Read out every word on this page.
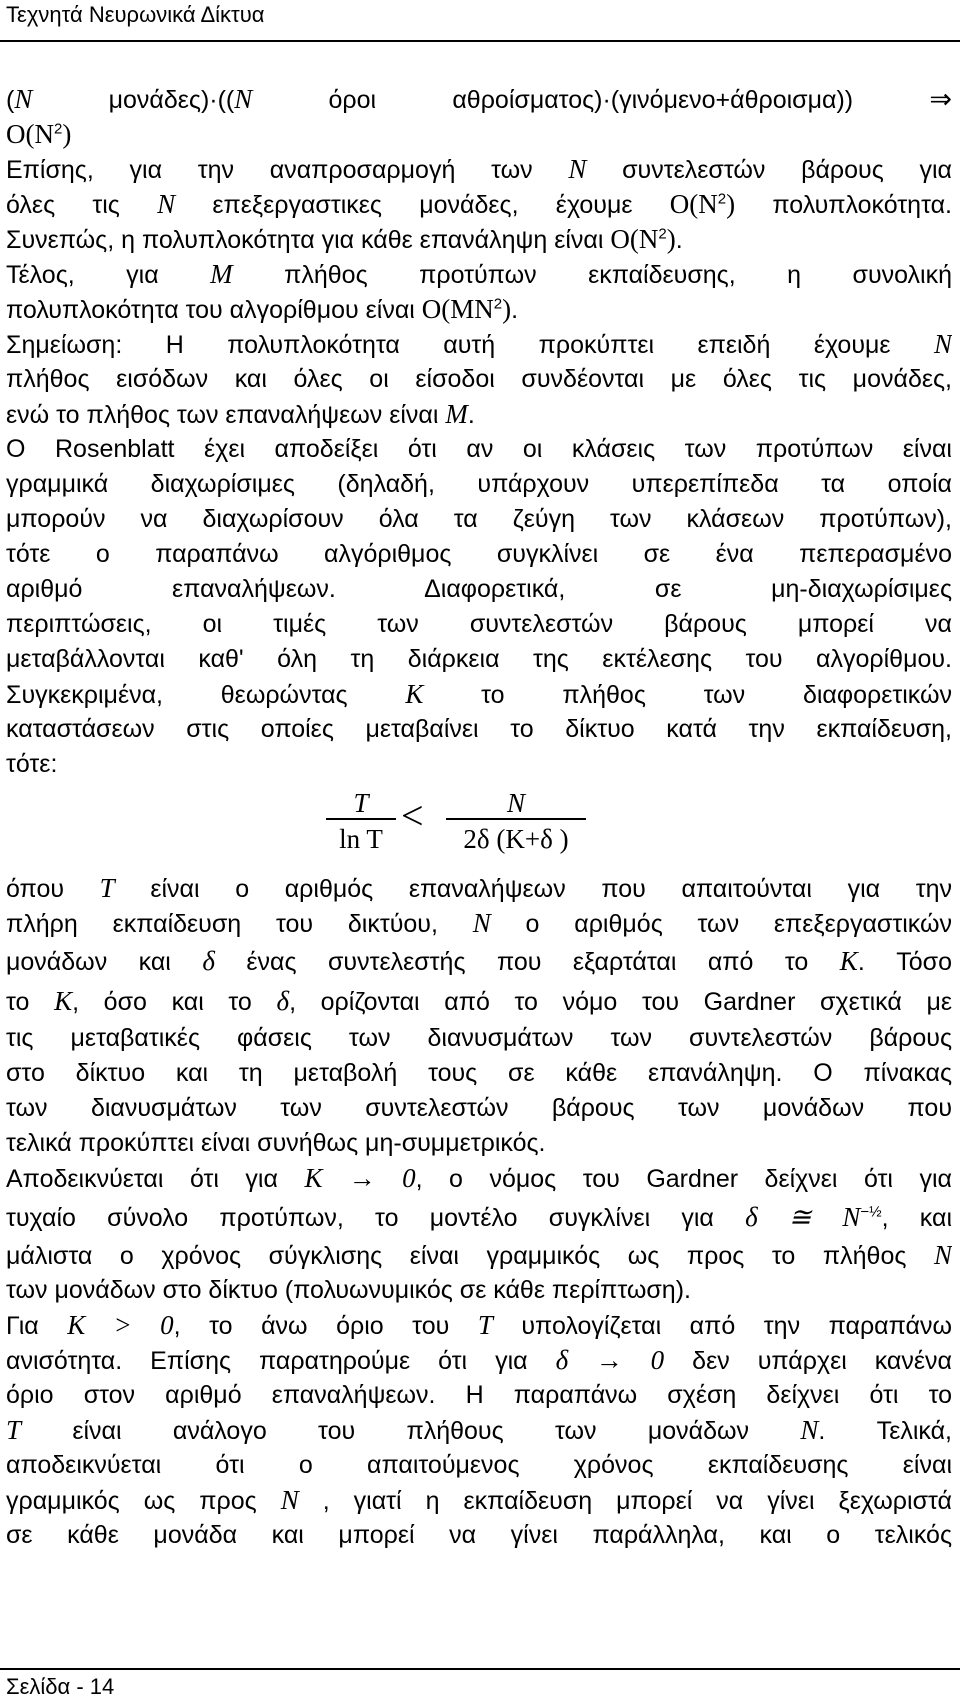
Τεχνητά Νευρωνικά Δίκτυα
(N μονάδες)·((N όροι αθροίσματος)·(γινόμενο+άθροισμα))	⇒
$O(N^2)$
Επίσης, για την αναπροσαρμογή των N συντελεστών βάρους για
όλες τις N επεξεργαστικες μονάδες, έχουμε $O(N^2)$ πολυπλοκότητα.
Συνεπώς, η πολυπλοκότητα για κάθε επανάληψη είναι $O(N^2)$.
Τέλος, για M πλήθος προτύπων εκπαίδευσης, η συνολική
πολυπλοκότητα του αλγορίθμου είναι $O(MN^2)$.
Σημείωση: Η πολυπλοκότητα αυτή προκύπτει επειδή έχουμε N
πλήθος εισόδων και όλες οι είσοδοι συνδέονται με όλες τις μονάδες,
ενώ το πλήθος των επαναλήψεων είναι M.
Ο Rosenblatt έχει αποδείξει ότι αν οι κλάσεις των προτύπων είναι
γραμμικά διαχωρίσιμες (δηλαδή, υπάρχουν υπερεπίπεδα τα οποία
μπορούν να διαχωρίσουν όλα τα ζεύγη των κλάσεων προτύπων),
τότε ο παραπάνω αλγόριθμος συγκλίνει σε ένα πεπερασμένο
αριθμό επαναλήψεων. Διαφορετικά, σε μη-διαχωρίσιμες
περιπτώσεις, οι τιμές των συντελεστών βάρους μπορεί να
μεταβάλλονται καθ' όλη τη διάρκεια της εκτέλεσης του αλγορίθμου.
Συγκεκριμένα, θεωρώντας K το πλήθος των διαφορετικών
καταστάσεων στις οποίες μεταβαίνει το δίκτυο κατά την εκπαίδευση,
τότε:
T
ln T
<	N
2δ (K+δ )
όπου T είναι ο αριθμός επαναλήψεων που απαιτούνται για την
πλήρη εκπαίδευση του δικτύου, N ο αριθμός των επεξεργαστικών
μονάδων και δ ένας συντελεστής που εξαρτάται από το K. Τόσο
το K, όσο και το δ, ορίζονται από το νόμο του Gardner σχετικά με
τις μεταβατικές φάσεις των διανυσμάτων των συντελεστών βάρους
στο δίκτυο και τη μεταβολή τους σε κάθε επανάληψη. Ο πίνακας
των διανυσμάτων των συντελεστών βάρους των μονάδων που
τελικά προκύπτει είναι συνήθως μη-συμμετρικός.
Αποδεικνύεται ότι για K → 0, ο νόμος του Gardner δείχνει ότι για
τυχαίο σύνολο προτύπων, το μοντέλο συγκλίνει για δ ≅ $N^{-\frac{1}{2}}$, και
μάλιστα ο χρόνος σύγκλισης είναι γραμμικός ως προς το πλήθος N
των μονάδων στο δίκτυο (πολυωνυμικός σε κάθε περίπτωση).
Για K > 0, το άνω όριο του T υπολογίζεται από την παραπάνω
ανισότητα. Επίσης παρατηρούμε ότι για δ → 0 δεν υπάρχει κανένα
όριο στον αριθμό επαναλήψεων. Η παραπάνω σχέση δείχνει ότι το
T είναι ανάλογο του πλήθους των μονάδων N. Τελικά,
αποδεικνύεται ότι ο απαιτούμενος χρόνος εκπαίδευσης είναι
γραμμικός ως προς N , γιατί η εκπαίδευση μπορεί να γίνει ξεχωριστά
σε κάθε μονάδα και μπορεί να γίνει παράλληλα, και ο τελικός
Σελίδα - 14
